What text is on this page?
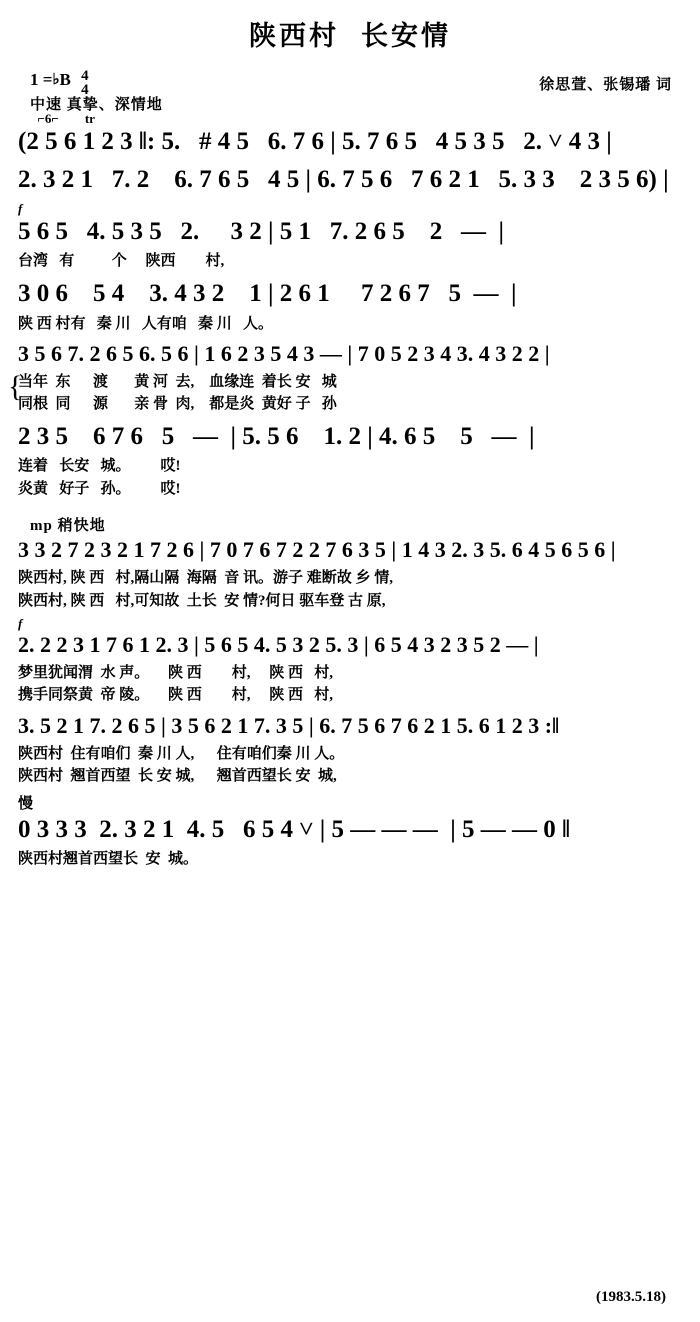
陕西村 长安情
1 =♭B 4
4	徐思萱、张锡璠 词
中速 真挚、深情地
⌐6⌐        tr
(2 5 6 1 2 3 ‖: 5.   # 4 5   6. 7 6 | 5. 7 6 5   4 5 3 5   2. ˅ 4 3 |
2. 3 2 1   7. 2    6. 7 6 5   4 5 | 6. 7 5 6   7 6 2 1   5. 3 3    2 3 5 6) |
f
5 6 5   4. 5 3 5   2.     3 2 | 5 1   7. 2 6 5    2   —  |
台湾   有          个     陕西        村,
3 0 6    5 4    3. 4 3 2    1 | 2 6 1     7 2 6 7   5  —  |
陕 西 村有   秦 川   人有咱   秦 川   人。
3 5 6 7. 2 6 5 6. 5 6 | 1 6 2 3 5 4 3 — | 7 0 5 2 3 4 3. 4 3 2 2 |
{
当年  东      渡       黄 河  去,    血缘连  着长 安   城
同根  同      源       亲 骨  肉,    都是炎  黄好 子   孙
2 3 5    6 7 6   5   —  | 5. 5 6    1. 2 | 4. 6 5    5   —  |
连着   长安   城。        哎!
炎黄   好子   孙。        哎!
mp 稍快地
3 3 2 7 2 3 2 1 7 2 6 | 7 0 7 6 7 2 2 7 6 3 5 | 1 4 3 2. 3 5. 6 4 5 6 5 6 |
陕西村, 陕 西   村,隔山隔  海隔  音 讯。游子 难断故 乡 情,
陕西村, 陕 西   村,可知故  土长  安 情?何日 驱车登 古 原,
f
2. 2 2 3 1 7 6 1 2. 3 | 5 6 5 4. 5 3 2 5. 3 | 6 5 4 3 2 3 5 2 — |
梦里犹闻渭  水 声。     陕 西        村,     陕 西   村,
携手同祭黄  帝 陵。     陕 西        村,     陕 西   村,
3. 5 2 1 7. 2 6 5 | 3 5 6 2 1 7. 3 5 | 6. 7 5 6 7 6 2 1 5. 6 1 2 3 :‖
陕西村  住有咱们  秦 川 人,      住有咱们秦 川 人。
陕西村  翘首西望  长 安 城,      翘首西望长 安  城,
慢
0 3 3 3  2. 3 2 1  4. 5   6 5 4 ˅ | 5 — — —  | 5 — — 0 ‖
陕西村翘首西望长  安  城。
(1983.5.18)
